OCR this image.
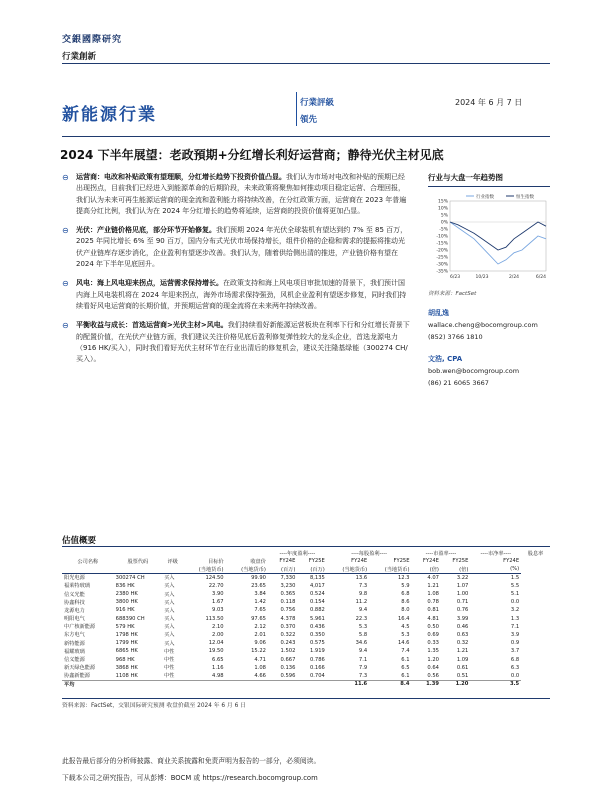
交銀國際研究
行業創新
新能源行業
行業評級
領先
2024 年 6 月 7 日
2024 下半年展望：老政預期+分红增长利好运营商；静待光伏主材见底
⊖	运营商：电改和补贴政策有望理顺，分红增长趋势下投资价值凸显。我们认为市场对电改和补贴的预期已经出现拐点，目前我们已经进入到能源革命的后期阶段，未来政策将聚焦如何推动项目稳定运营、合理回报，我们认为未来可再生能源运营商的现金流和盈利能力将持续改善，在分红政策方面，运营商在 2023 年普遍提高分红比例，我们认为在 2024 年分红增长的趋势将延续，运营商的投资价值将更加凸显。
⊖	光伏：产业链价格见底，部分环节开始修复。我们预期 2024 年光伏全球装机有望达到约 7% 至 85 百万，2025 年同比增长 6% 至 90 百万，国内分布式光伏市场保持增长，组件价格的企稳和需求的提振将推动光伏产业链库存逐步消化，企业盈利有望逐步改善。我们认为，随着供给侧出清的推进，产业链价格有望在 2024 年下半年见底回升。
⊖	风电：海上风电迎来拐点，运营需求保持增长。在政策支持和海上风电项目审批加速的背景下，我们预计国内海上风电装机将在 2024 年迎来拐点，海外市场需求保持强劲，风机企业盈利有望逐步修复，同时我们持续看好风电运营商的长期价值，并预期运营商的现金流将在未来两年持续改善。
⊖	平衡收益与成长：首选运营商>光伏主材>风电。我们持续看好新能源运营板块在利率下行和分红增长背景下的配置价值，在光伏产业链方面，我们建议关注价格见底后盈利修复弹性较大的龙头企业，首选龙源电力（916 HK/买入），同时我们看好光伏主材环节在行业出清后的修复机会，建议关注隆基绿能（300274 CH/买入）。
行业与大盘一年趋势图
行业指数	恒生指数
15%
10%
5%
0%
-5%
-10%
-15%
-20%
-25%
-30%
-35%
6/23	10/23	2/24	6/24
资料来源：FactSet
胡乱逸
wallace.cheng@bocomgroup.com
(852) 3766 1810
文浩, CPA
bob.wen@bocomgroup.com
(86) 21 6065 3667
估值概要
					----年度盈利----		----每股盈利----		----市盈率----		----市净率----	股息率
公司名称	股票代码	评级	目标价	收盘价	FY24E	FY25E	FY24E	FY25E	FY24E	FY25E	FY24E	
			(当地货币)	(当地货币)	(百万)	(百万)	(当地货币)	(当地货币)	(倍)	(倍)	(%)	
阳光电源	300274 CH	买入	124.50	99.90	7,330	8,135	13.6	12.3	4.07	3.22	1.5	
福莱特玻璃	836 HK	买入	22.70	23.65	3,230	4,017	7.3	5.9	1.21	1.07	5.5	
信义光能	2380 HK	买入	3.90	3.84	0.365	0.524	9.8	6.8	1.08	1.00	5.1	
协鑫科技	3800 HK	买入	1.67	1.42	0.118	0.154	11.2	8.6	0.78	0.71	0.0	
龙源电力	916 HK	买入	9.03	7.65	0.756	0.882	9.4	8.0	0.81	0.76	3.2	
明阳电气	688390 CH	买入	113.50	97.65	4.378	5.961	22.3	16.4	4.81	3.99	1.3	
中广核新能源	579 HK	买入	2.10	2.12	0.370	0.436	5.3	4.5	0.50	0.46	7.1	
东方电气	1798 HK	买入	2.00	2.01	0.322	0.350	5.8	5.3	0.69	0.63	3.9	
新特能源	1799 HK	买入	12.04	9.06	0.243	0.575	34.6	14.6	0.33	0.32	0.9	
福耀玻璃	6865 HK	中性	19.50	15.22	1.502	1.919	9.4	7.4	1.35	1.21	3.7	
信义能源	968 HK	中性	6.65	4.71	0.667	0.786	7.1	6.1	1.20	1.09	6.8	
新天绿色能源	3868 HK	中性	1.16	1.08	0.136	0.166	7.9	6.5	0.64	0.61	6.3	
协鑫新能源	1108 HK	中性	4.98	4.66	0.596	0.704	7.3	6.1	0.56	0.51	0.0	
平均							11.6	8.4	1.39	1.20	3.5	
资料来源：FactSet，交银国际研究预测 收盘价截至 2024 年 6 月 6 日
此报告最后部分的分析师披露、商业关系披露和免责声明为报告的一部分，必须阅读。
下载本公司之研究报告，可从彭博：BOCM 或 https://research.bocomgroup.com
